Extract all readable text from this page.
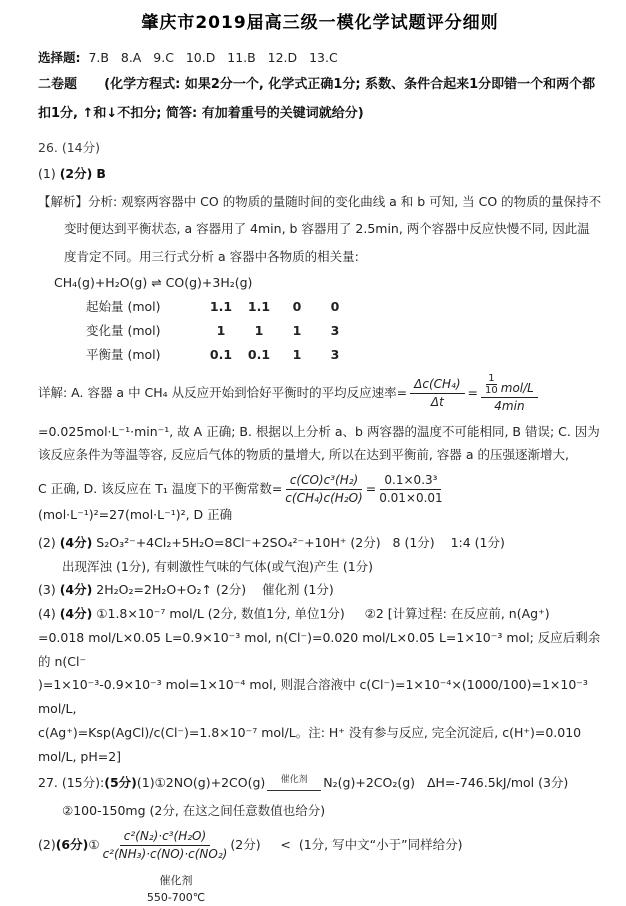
肇庆市2019届高三级一模化学试题评分细则

选择题:  7.B   8.A   9.C   10.D   11.B   12.D   13.C

二卷题      (化学方程式: 如果2分一个, 化学式正确1分; 系数、条件合起来1分即错一个和两个都扣1分, ↑和↓不扣分; 简答: 有加着重号的关键词就给分)

26. (14分)

(1) (2分) B

【解析】分析: 观察两容器中 CO 的物质的量随时间的变化曲线 a 和 b 可知, 当 CO 的物质的量保持不变时便达到平衡状态, a 容器用了 4min, b 容器用了 2.5min, 两个容器中反应快慢不同, 因此温度肯定不同。用三行式分析 a 容器中各物质的相关量:

CH₄(g)+H₂O(g) ⇌ CO(g)+3H₂(g)

起始量 (mol)	1.1	1.1	0	0
变化量 (mol)	1	1	1	3
平衡量 (mol)	0.1	0.1	1	3

详解: A. 容器 a 中 CH₄ 从反应开始到恰好平衡时的平均反应速率= $\frac{\text{Δc(CH₄)}}{\Delta t} = \frac{\frac{1}{10} mol/L}{4\min}$

=0.025mol·L⁻¹·min⁻¹, 故 A 正确; B. 根据以上分析 a、b 两容器的温度不可能相同, B 错误; C. 因为该反应条件为等温等容, 反应后气体的物质的量增大, 所以在达到平衡前, 容器 a 的压强逐渐增大,

C 正确, D. 该反应在 T₁ 温度下的平衡常数= $\frac{\text{c(CO)c³(H₂)}}{\text{c(CH₄)c(H₂O)}} = \frac{\text{0.1×0.3³}}{0.01\times 0.01}$
(mol·L⁻¹)²=27(mol·L⁻¹)², D 正确

(2) (4分) S₂O₃²⁻+4Cl₂+5H₂O=8Cl⁻+2SO₄²⁻+10H⁺ (2分)   8 (1分)    1:4 (1分)

出现浑浊 (1分), 有刺激性气味的气体(或气泡)产生 (1分)

(3) (4分) 2H₂O₂=2H₂O+O₂↑ (2分)    催化剂 (1分)

(4) (4分) ①1.8×10⁻⁷ mol/L (2分, 数值1分, 单位1分)     ②2 [计算过程: 在反应前, n(Ag⁺)

=0.018 mol/L×0.05 L=0.9×10⁻³ mol, n(Cl⁻)=0.020 mol/L×0.05 L=1×10⁻³ mol; 反应后剩余的 n(Cl⁻

)=1×10⁻³-0.9×10⁻³ mol=1×10⁻⁴ mol, 则混合溶液中 c(Cl⁻)=1×10⁻⁴×(1000/100)=1×10⁻³ mol/L,

c(Ag⁺)=Ksp(AgCl)/c(Cl⁻)=1.8×10⁻⁷ mol/L。注: H⁺ 没有参与反应, 完全沉淀后, c(H⁺)=0.010 mol/L, pH=2]

27. (15分): (5分) (1) ①2NO(g)+2CO(g) 催化剂 N₂(g)+2CO₂(g)   ΔH=-746.5kJ/mol (3分)

②100-150mg (2分, 在这之间任意数值也给分)

(2) (6分) ① $\frac{\text{c²(N₂)·c³(H₂O)}}{\text{c²(NH₃)·c(NO)·c(NO₂)}} (2$分)     <  (1分, 写中文“小于”同样给分)

催化剂
550-700℃
